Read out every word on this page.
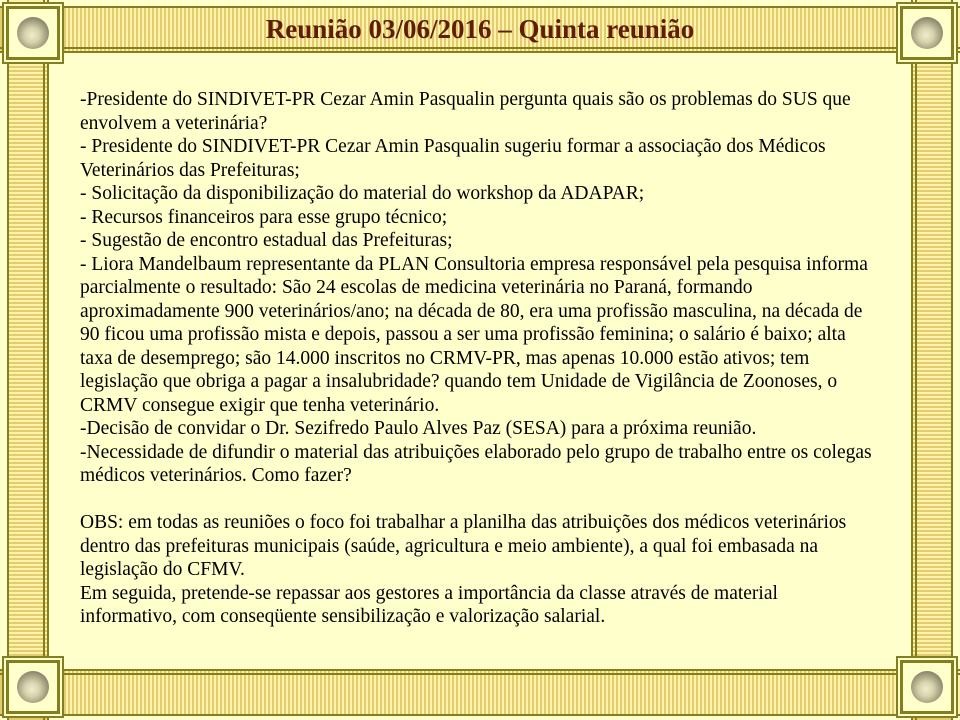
Reunião 03/06/2016 – Quinta reunião

-Presidente do SINDIVET-PR Cezar Amin Pasqualin pergunta quais são os problemas do SUS que envolvem a veterinária?

- Presidente do SINDIVET-PR Cezar Amin Pasqualin sugeriu formar a associação dos Médicos Veterinários das Prefeituras;

- Solicitação da disponibilização do material do workshop da ADAPAR;

- Recursos financeiros para esse grupo técnico;

- Sugestão de encontro estadual das Prefeituras;

- Liora Mandelbaum representante da PLAN Consultoria empresa responsável pela pesquisa informa parcialmente o resultado: São 24 escolas de medicina veterinária no Paraná, formando aproximadamente 900 veterinários/ano; na década de 80, era uma profissão masculina, na década de 90 ficou uma profissão mista e depois, passou a ser uma profissão feminina; o salário é baixo; alta taxa de desemprego; são 14.000 inscritos no CRMV-PR, mas apenas 10.000 estão ativos; tem legislação que obriga a pagar a insalubridade? quando tem Unidade de Vigilância de Zoonoses, o CRMV consegue exigir que tenha veterinário.

-Decisão de convidar o Dr. Sezifredo Paulo Alves Paz (SESA) para a próxima reunião.

-Necessidade de difundir o material das atribuições elaborado pelo grupo de trabalho entre os colegas médicos veterinários. Como fazer?

OBS: em todas as reuniões o foco foi trabalhar a planilha das atribuições dos médicos veterinários dentro das prefeituras municipais (saúde, agricultura e meio ambiente), a qual foi embasada na legislação do CFMV.

Em seguida, pretende-se repassar aos gestores a importância da classe através de material informativo, com conseqüente sensibilização e valorização salarial.
